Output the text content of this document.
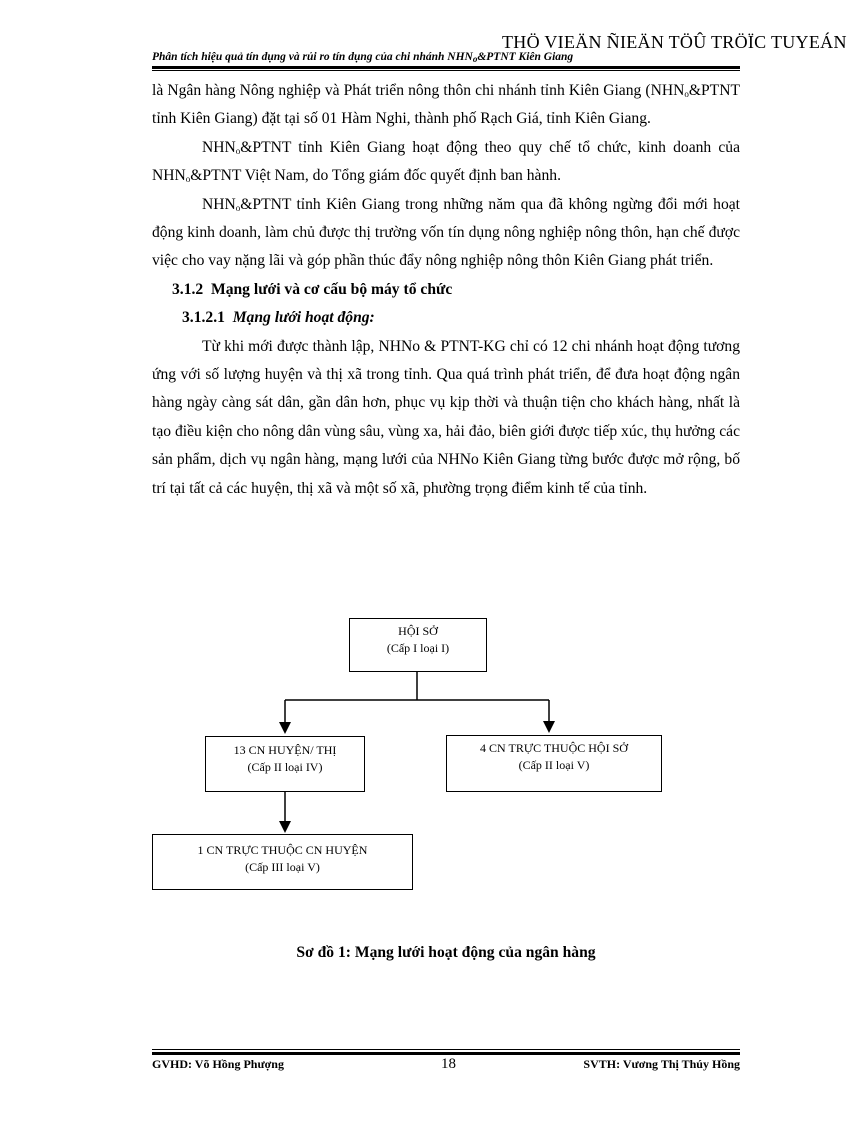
THÖ VIEÄN ÑIEÄN TÖÛ TRÖÏC TUYEÁN
Phân tích hiệu quả tín dụng và rủi ro tín dụng của chi nhánh $NHN_o\&PTNT$ Kiên Giang

là Ngân hàng Nông nghiệp và Phát triển nông thôn chi nhánh tỉnh Kiên Giang ($NHN_o\&PTNT$ tỉnh Kiên Giang) đặt tại số 01 Hàm Nghi, thành phố Rạch Giá, tỉnh Kiên Giang.

$NHN_o\&PTNT$ tỉnh Kiên Giang hoạt động theo quy chế tổ chức, kinh doanh của $NHN_o\&PTNT$ Việt Nam, do Tổng giám đốc quyết định ban hành.

$NHN_o\&PTNT$ tỉnh Kiên Giang trong những năm qua đã không ngừng đổi mới hoạt động kinh doanh, làm chủ được thị trường vốn tín dụng nông nghiệp nông thôn, hạn chế được việc cho vay nặng lãi và góp phần thúc đẩy nông nghiệp nông thôn Kiên Giang phát triển.

3.1.2 Mạng lưới và cơ cấu bộ máy tổ chức

3.1.2.1 Mạng lưới hoạt động:

Từ khi mới được thành lập, NHNo & PTNT-KG chỉ có 12 chi nhánh hoạt động tương ứng với số lượng huyện và thị xã trong tỉnh. Qua quá trình phát triển, để đưa hoạt động ngân hàng ngày càng sát dân, gần dân hơn, phục vụ kịp thời và thuận tiện cho khách hàng, nhất là tạo điều kiện cho nông dân vùng sâu, vùng xa, hải đảo, biên giới được tiếp xúc, thụ hưởng các sản phẩm, dịch vụ ngân hàng, mạng lưới của NHNo Kiên Giang từng bước được mở rộng, bố trí tại tất cả các huyện, thị xã và một số xã, phường trọng điểm kinh tế của tỉnh.

HỘI SỞ
(Cấp I loại I)
13 CN HUYỆN/ THỊ
(Cấp II loại IV)
4 CN TRỰC THUỘC HỘI SỞ
(Cấp II loại V)
1 CN TRỰC THUỘC CN HUYỆN
(Cấp III loại V)
Sơ đồ 1: Mạng lưới hoạt động của ngân hàng
GVHD: Võ Hồng Phượng	18	SVTH: Vương Thị Thúy Hồng
